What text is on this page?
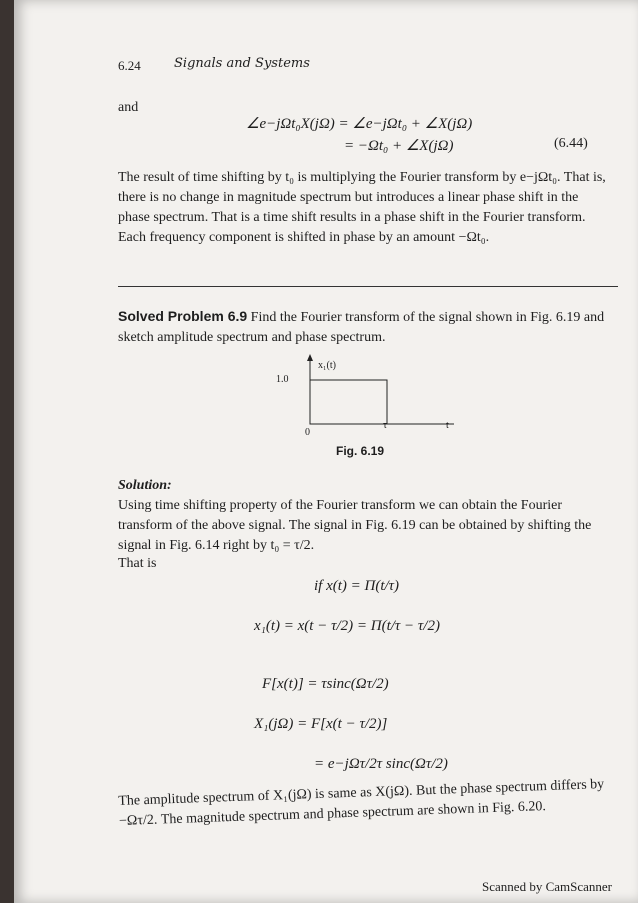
6.24	Signals and Systems
and
∠e−jΩt₀X(jΩ) = ∠e−jΩt₀ + ∠X(jΩ)
= −Ωt₀ + ∠X(jΩ)	(6.44)
The result of time shifting by t₀ is multiplying the Fourier transform by e−jΩt₀. That is, there is no change in magnitude spectrum but introduces a linear phase shift in the phase spectrum. That is a time shift results in a phase shift in the Fourier transform. Each frequency component is shifted in phase by an amount −Ωt₀.
Solved Problem 6.9 Find the Fourier transform of the signal shown in Fig. 6.19 and sketch amplitude spectrum and phase spectrum.
x₁(t)
1.0
0
τ	t
Fig. 6.19
Solution:
Using time shifting property of the Fourier transform we can obtain the Fourier transform of the above signal. The signal in Fig. 6.19 can be obtained by shifting the signal in Fig. 6.14 right by t₀ = τ/2.
That is
if x(t) = Π(t/τ)
x₁(t) = x(t − τ/2) = Π(t/τ − τ/2)
F[x(t)] = τsinc(Ωτ/2)
X₁(jΩ) = F[x(t − τ/2)]
= e−jΩτ/2τ sinc(Ωτ/2)
The amplitude spectrum of X₁(jΩ) is same as X(jΩ). But the phase spectrum differs by −Ωτ/2. The magnitude spectrum and phase spectrum are shown in Fig. 6.20.
Scanned by CamScanner
